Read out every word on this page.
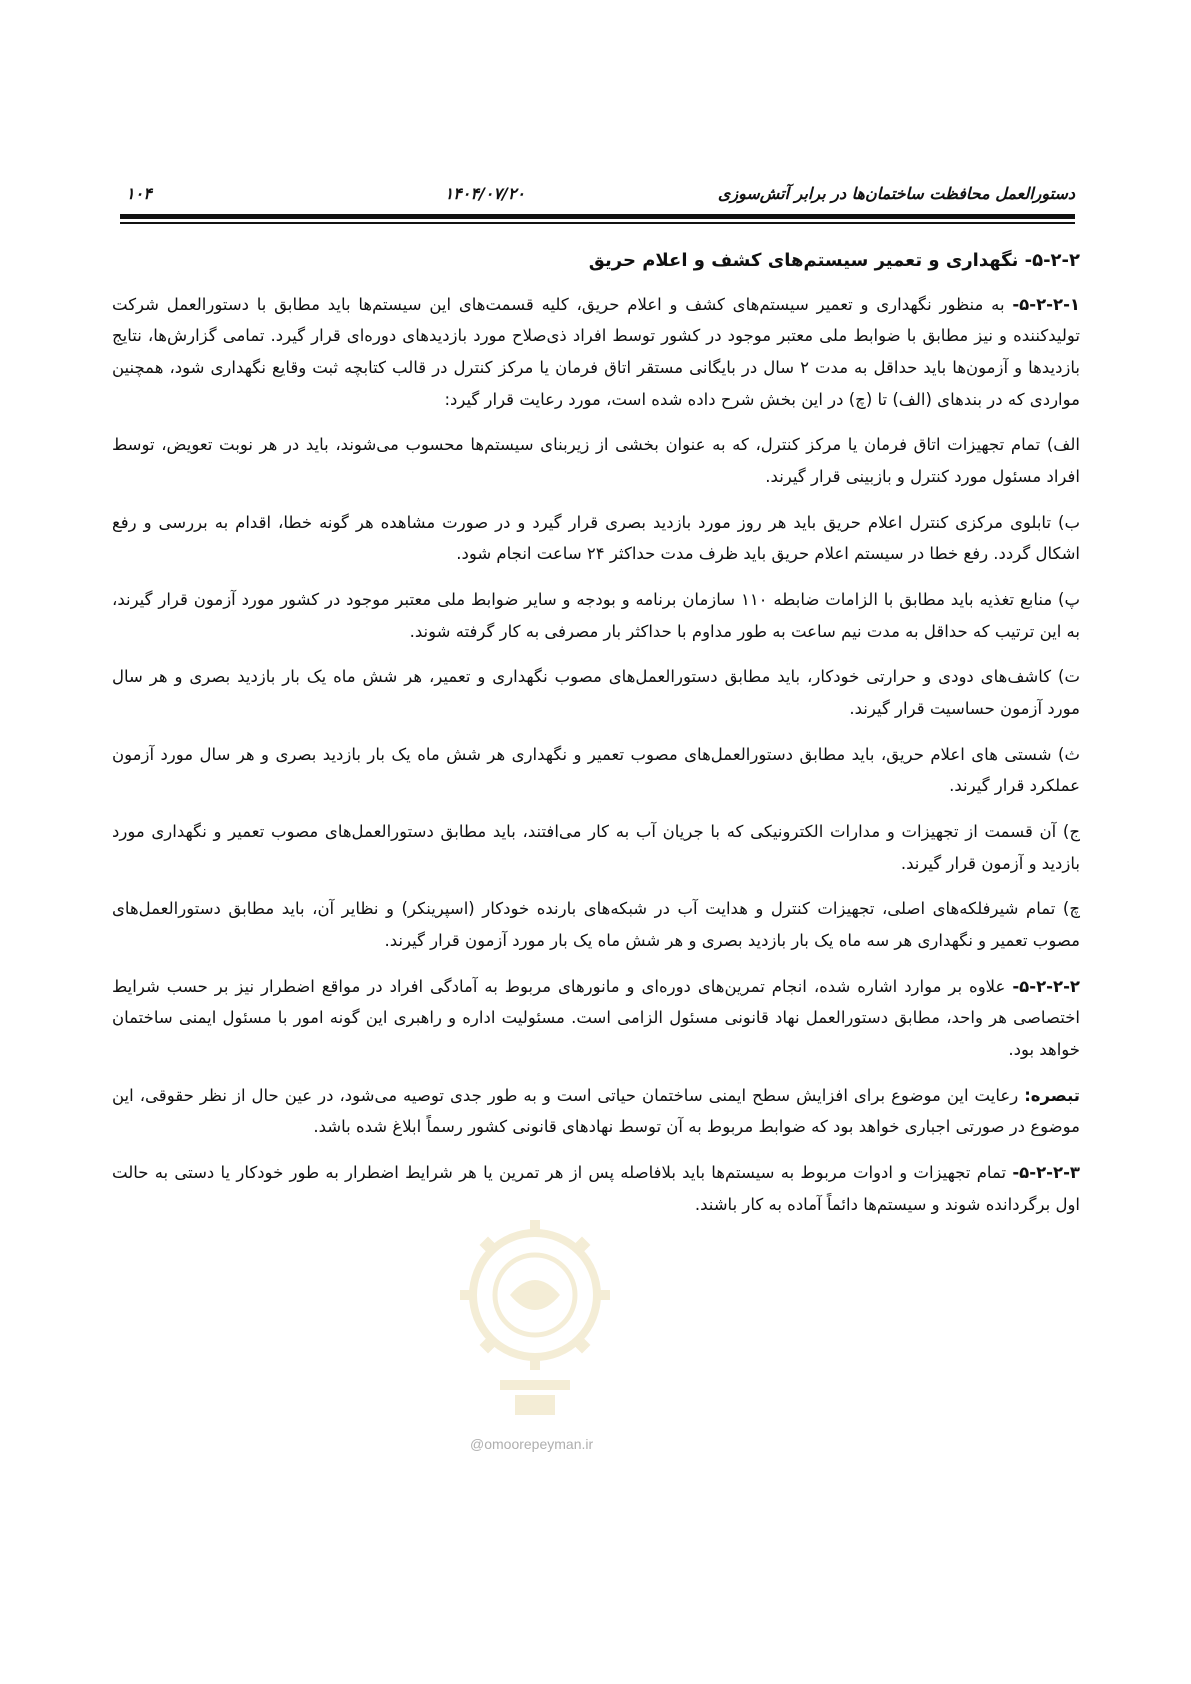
دستورالعمل محافظت ساختمان‌ها در برابر آتش‌سوزی
۱۴۰۴/۰۷/۲۰
۱۰۴

۵-۲-۲- نگهداری و تعمیر سیستم‌های کشف و اعلام حریق

۵-۲-۲-۱- به منظور نگهداری و تعمیر سیستم‌های کشف و اعلام حریق، کلیه قسمت‌های این سیستم‌ها باید مطابق با دستورالعمل شرکت تولیدکننده و نیز مطابق با ضوابط ملی معتبر موجود در کشور توسط افراد ذی‌صلاح مورد بازدیدهای دوره‌ای قرار گیرد. تمامی گزارش‌ها، نتایج بازدیدها و آزمون‌ها باید حداقل به مدت ۲ سال در بایگانی مستقر اتاق فرمان یا مرکز کنترل در قالب کتابچه ثبت وقایع نگهداری شود، همچنین مواردی که در بندهای (الف) تا (چ) در این بخش شرح داده شده است، مورد رعایت قرار گیرد:

الف) تمام تجهیزات اتاق فرمان یا مرکز کنترل، که به عنوان بخشی از زیربنای سیستم‌ها محسوب می‌شوند، باید در هر نوبت تعویض، توسط افراد مسئول مورد کنترل و بازبینی قرار گیرند.

ب) تابلوی مرکزی کنترل اعلام حریق باید هر روز مورد بازدید بصری قرار گیرد و در صورت مشاهده هر گونه خطا، اقدام به بررسی و رفع اشکال گردد. رفع خطا در سیستم اعلام حریق باید ظرف مدت حداکثر ۲۴ ساعت انجام شود.

پ) منابع تغذیه باید مطابق با الزامات ضابطه ۱۱۰ سازمان برنامه و بودجه و سایر ضوابط ملی معتبر موجود در کشور مورد آزمون قرار گیرند، به این ترتیب که حداقل به مدت نیم ساعت به طور مداوم با حداکثر بار مصرفی به کار گرفته شوند.

ت) کاشف‌های دودی و حرارتی خودکار، باید مطابق دستورالعمل‌های مصوب نگهداری و تعمیر، هر شش ماه یک بار بازدید بصری و هر سال مورد آزمون حساسیت قرار گیرند.

ث) شستی های اعلام حریق، باید مطابق دستورالعمل‌های مصوب تعمیر و نگهداری هر شش ماه یک بار بازدید بصری و هر سال مورد آزمون عملکرد قرار گیرند.

ج) آن قسمت از تجهیزات و مدارات الکترونیکی که با جریان آب به کار می‌افتند، باید مطابق دستورالعمل‌های مصوب تعمیر و نگهداری مورد بازدید و آزمون قرار گیرند.

چ) تمام شیرفلکه‌های اصلی، تجهیزات کنترل و هدایت آب در شبکه‌های بارنده خودکار (اسپرینکر) و نظایر آن، باید مطابق دستورالعمل‌های مصوب تعمیر و نگهداری هر سه ماه یک بار بازدید بصری و هر شش ماه یک بار مورد آزمون قرار گیرند.

۵-۲-۲-۲- علاوه بر موارد اشاره شده، انجام تمرین‌های دوره‌ای و مانورهای مربوط به آمادگی افراد در مواقع اضطرار نیز بر حسب شرایط اختصاصی هر واحد، مطابق دستورالعمل نهاد قانونی مسئول الزامی است. مسئولیت اداره و راهبری این گونه امور با مسئول ایمنی ساختمان خواهد بود.

تبصره: رعایت این موضوع برای افزایش سطح ایمنی ساختمان حیاتی است و به طور جدی توصیه می‌شود، در عین حال از نظر حقوقی، این موضوع در صورتی اجباری خواهد بود که ضوابط مربوط به آن توسط نهادهای قانونی کشور رسماً ابلاغ شده باشد.

۵-۲-۲-۳- تمام تجهیزات و ادوات مربوط به سیستم‌ها باید بلافاصله پس از هر تمرین یا هر شرایط اضطرار به طور خودکار یا دستی به حالت اول برگردانده شوند و سیستم‌ها دائماً آماده به کار باشند.

@omoorepeyman.ir
